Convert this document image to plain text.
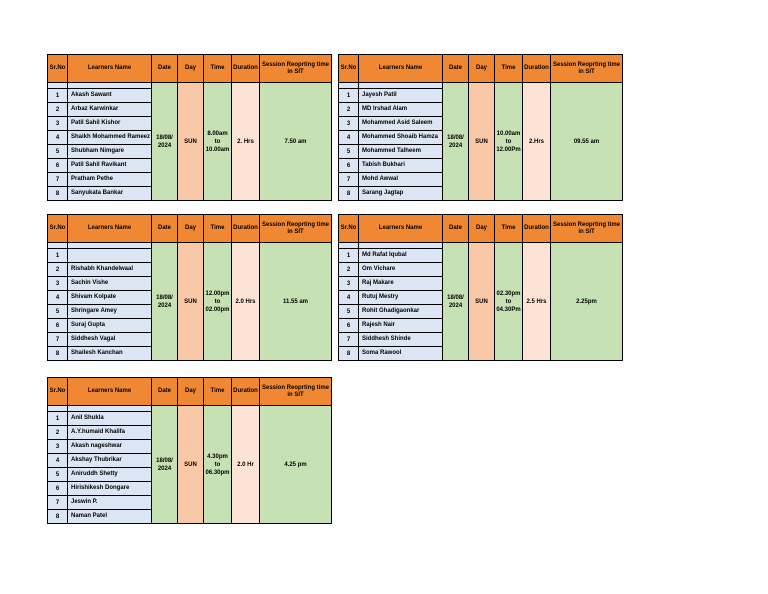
Sr.No	Learners Name	Date	Day	Time	Duration	Session Reoprting time in SIT
		18/08/ 2024	SUN	8.00am to 10.00am	2. Hrs	7.50 am
1	Akash Sawant					
2	Arbaz Karwinkar					
3	Patil Sahil Kishor					
4	Shaikh Mohammed Rameez					
5	Shubham Nimgare					
6	Patil Sahil Ravikant					
7	Pratham Pethe					
8	Sanyukata Bankar					
Sr.No	Learners Name	Date	Day	Time	Duration	Session Reoprting time in SIT
		18/08/ 2024	SUN	10.00am to 12.00Pm	2.Hrs	09.55 am
1	Jayesh Patil					
2	MD Irshad Alam					
3	Mohammed Asid Saleem					
4	Mohammed Shoaib Hamza					
5	Mohammed Talheem					
6	Tabish Bukhari					
7	Mohd Awwal					
8	Sarang Jagtap					
Sr.No	Learners Name	Date	Day	Time	Duration	Session Reoprting time in SIT
		18/08/ 2024	SUN	12.00pm to 02.00pm	2.0 Hrs	11.55 am
1						
2	Rishabh Khandelwaal					
3	Sachin Vishe					
4	Shivam Kolpate					
5	Shringare Amey					
6	Suraj Gupta					
7	Siddhesh Vagal					
8	Shailesh Kanchan					
Sr.No	Learners Name	Date	Day	Time	Duration	Session Reoprting time in SIT
		18/08/ 2024	SUN	02.30pm to 04.30Pm	2.5 Hrs	2.25pm
1	Md Rafat Iqubal					
2	Om Vichare					
3	Raj Makare					
4	Rutuj Mestry					
5	Rohit Ghadigaonkar					
6	Rajesh Nair					
7	Siddhesh Shinde					
8	Soma Rawool					
Sr.No	Learners Name	Date	Day	Time	Duration	Session Reoprting time in SIT
		18/08/ 2024	SUN	4.30pm to 06.30pm	2.0 Hr	4.25 pm
1	Anil Shukla					
2	A.Y.humaid Khalifa					
3	Akash nageshwar					
4	Akshay Thubrikar					
5	Aniruddh Shetty					
6	Hirishikesh Dongare					
7	Jeswin P.					
8	Naman Patel					
